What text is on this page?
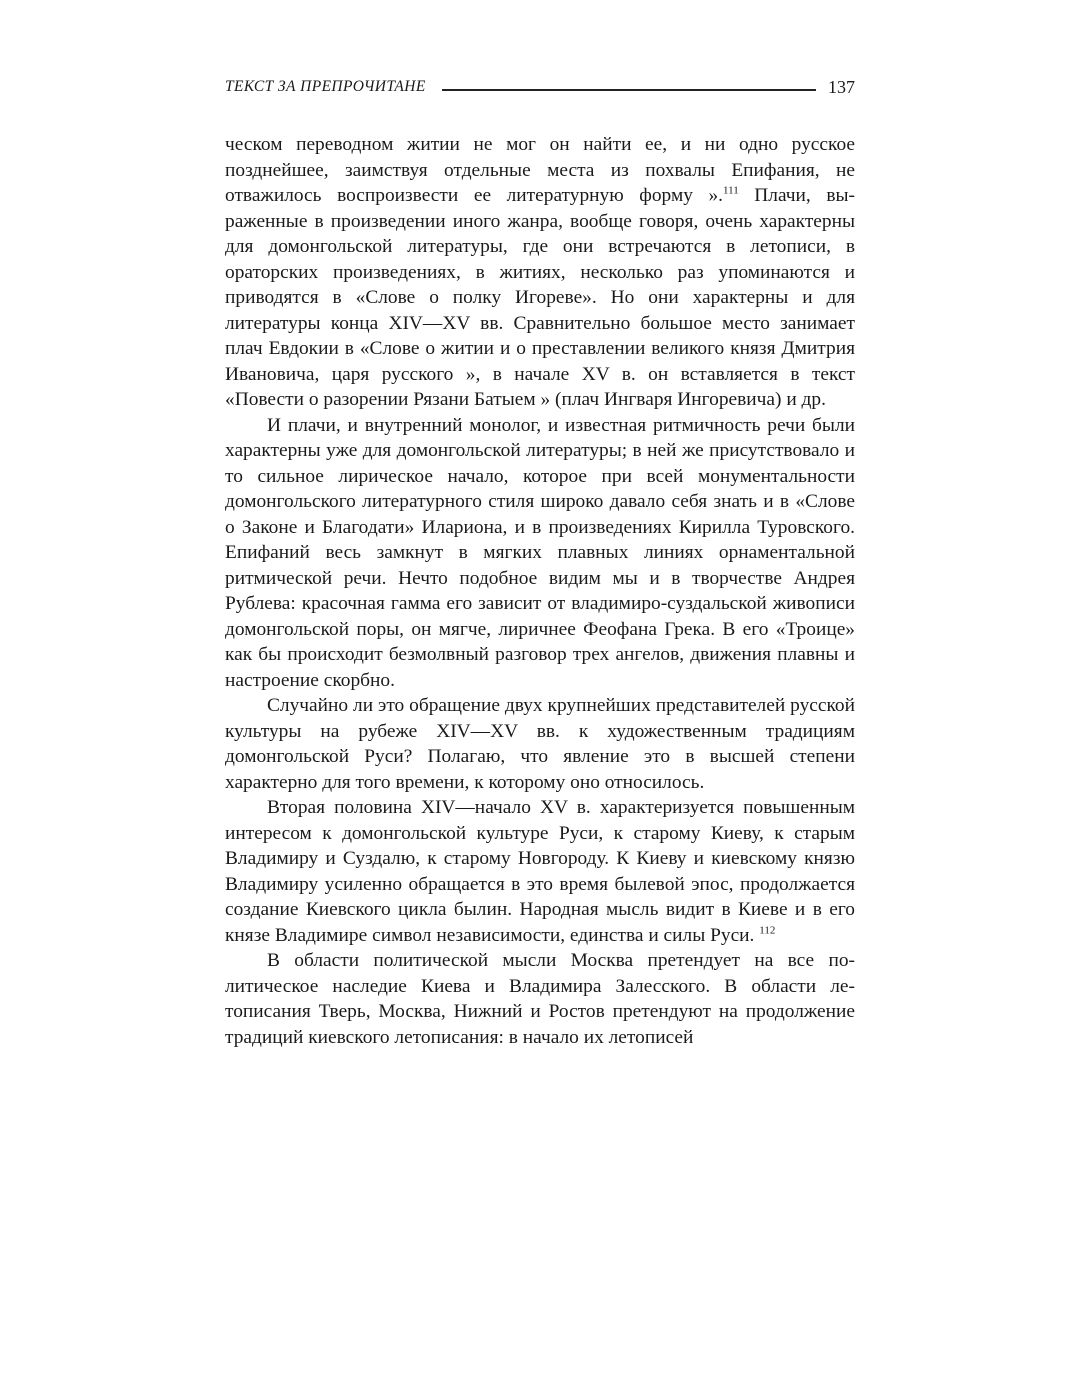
ТЕКСТ ЗА ПРЕПРОЧИТАНЕ	137

ческом переводном житии не мог он найти ее, и ни одно русское позднейшее, заимствуя отдельные места из похвалы Епифания, не отважилось воспроизвести ее литературную форму ».$^{111}$ Плачи, выраженные в произведении иного жанра, вообще говоря, очень характерны для домонгольской литературы, где они встречаются в летописи, в ораторских произведениях, в житиях, несколько раз упоминаются и приводятся в «Слове о полку Игореве». Но они характерны и для литературы конца XIV—XV вв. Сравнительно большое место занимает плач Евдокии в «Слове о житии и о преставлении великого князя Дмитрия Ивановича, царя русского », в начале XV в. он вставляется в текст «Повести о разорении Рязани Батыем » (плач Ингваря Ингоревича) и др.

И плачи, и внутренний монолог, и известная ритмичность речи были характерны уже для домонгольской литературы; в ней же присутствовало и то сильное лирическое начало, которое при всей монументальности домонгольского литературного стиля широко давало себя знать и в «Слове о Законе и Благодати» Илариона, и в произведениях Кирилла Туровского. Епифаний весь замкнут в мягких плавных линиях орнаментальной ритмической речи. Нечто подобное видим мы и в творчестве Андрея Рублева: красочная гамма его зависит от владимиро-суздальской живописи домонгольской поры, он мягче, лиричнее Феофана Грека. В его «Троице» как бы происходит безмолвный разговор трех ангелов, движения плавны и настроение скорбно.

Случайно ли это обращение двух крупнейших представителей русской культуры на рубеже XIV—XV вв. к художественным традициям домонгольской Руси? Полагаю, что явление это в высшей степени характерно для того времени, к которому оно относилось.

Вторая половина XIV—начало XV в. характеризуется повышенным интересом к домонгольской культуре Руси, к старому Киеву, к старым Владимиру и Суздалю, к старому Новгороду. К Киеву и киевскому князю Владимиру усиленно обращается в это время былевой эпос, продолжается создание Киевского цикла былин. Народная мысль видит в Киеве и в его князе Владимире символ независимости, единства и силы Руси. $^{112}$

В области политической мысли Москва претендует на все политическое наследие Киева и Владимира Залесского. В области летописания Тверь, Москва, Нижний и Ростов претендуют на продолжение традиций киевского летописания: в начало их летописей
